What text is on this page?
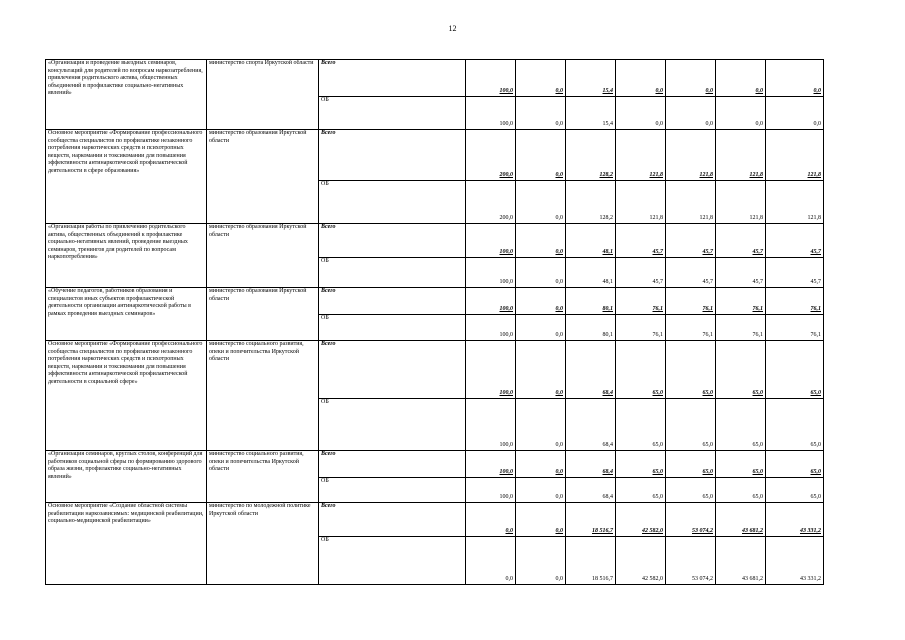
12
«Организация и проведение выездных семинаров, консультаций для родителей по вопросам наркозатребления, привлечения родительского актива, общественных объединений в профилактике социально-негативных явлений»	министерство спорта Иркутской области	Всего	100,0	0,0	15,4	0,0	0,0	0,0	0,0
		ОБ	100,0	0,0	15,4	0,0	0,0	0,0	0,0
Основное мероприятие «Формирование профессионального сообщества специалистов по профилактике незаконного потребления наркотических средств и психотропных веществ, наркомании и токсикомании для повышения эффективности антинаркотической профилактической деятельности в сфере образования»	министерство образования Иркутской области	Всего	200,0	0,0	128,2	121,8	121,8	121,8	121,8
		ОБ	200,0	0,0	128,2	121,8	121,8	121,8	121,8
«Организация работы по привлечению родительского актива, общественных объединений к профилактике социально-негативных явлений, проведение выездных семинаров, тренингов для родителей по вопросам наркопотребления»	министерство образования Иркутской области	Всего	100,0	0,0	48,1	45,7	45,7	45,7	45,7
		ОБ	100,0	0,0	48,1	45,7	45,7	45,7	45,7
«Обучение педагогов, работников образования и специалистов иных субъектов профилактической деятельности организации антинаркотической работы в рамках проведения выездных семинаров»	министерство образования Иркутской области	Всего	100,0	0,0	80,1	76,1	76,1	76,1	76,1
		ОБ	100,0	0,0	80,1	76,1	76,1	76,1	76,1
Основное мероприятие «Формирование профессионального сообщества специалистов по профилактике незаконного потребления наркотических средств и психотропных веществ, наркомании и токсикомании для повышения эффективности антинаркотической профилактической деятельности в социальной сфере»	министерство социального развития, опеки и попечительства Иркутской области	Всего	100,0	0,0	68,4	65,0	65,0	65,0	65,0
		ОБ	100,0	0,0	68,4	65,0	65,0	65,0	65,0
«Организация семинаров, круглых столов, конференций для работников социальной сферы по формированию здорового образа жизни, профилактике социально-негативных явлений»	министерство социального развития, опеки и попечительства Иркутской области	Всего	100,0	0,0	68,4	65,0	65,0	65,0	65,0
		ОБ	100,0	0,0	68,4	65,0	65,0	65,0	65,0
Основное мероприятие «Создание областной системы реабилитации наркозависимых: медицинской реабилитации, социально-медицинской реабилитации»	министерство по молодежной политике Иркутской области	Всего	0,0	0,0	18 516,7	42 582,0	53 074,2	43 681,2	43 331,2
		ОБ	0,0	0,0	18 516,7	42 582,0	53 074,2	43 681,2	43 331,2
